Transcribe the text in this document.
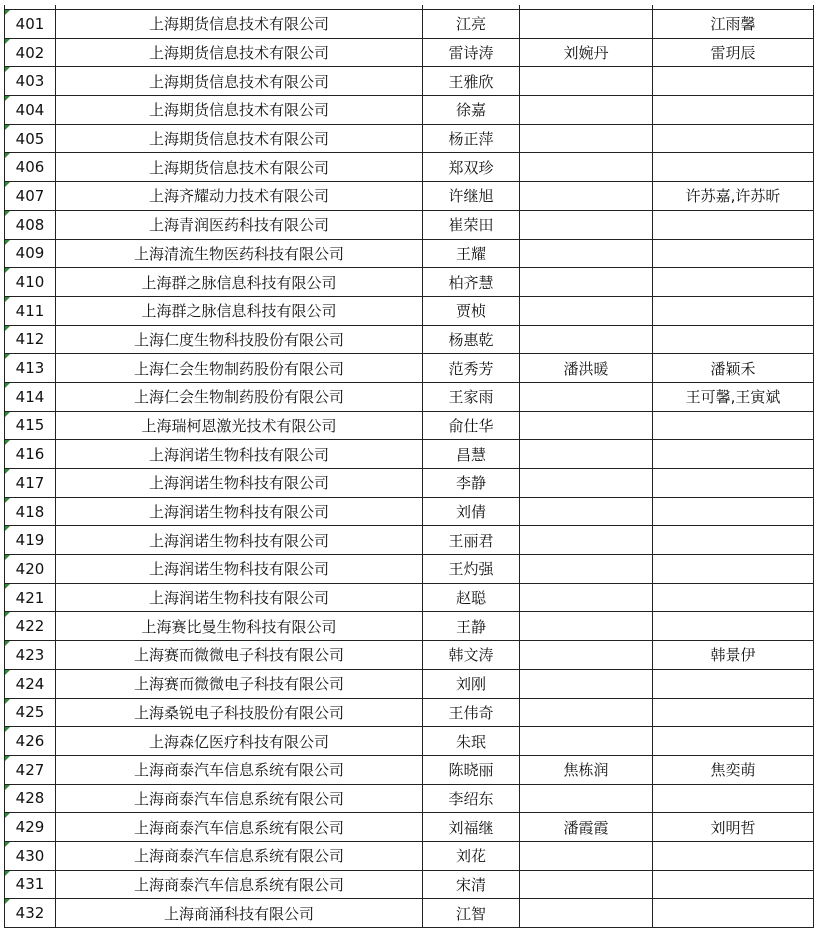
401	上海期货信息技术有限公司	江亮		江雨馨
402	上海期货信息技术有限公司	雷诗涛	刘婉丹	雷玥辰
403	上海期货信息技术有限公司	王雅欣		
404	上海期货信息技术有限公司	徐嘉		
405	上海期货信息技术有限公司	杨正萍		
406	上海期货信息技术有限公司	郑双珍		
407	上海齐耀动力技术有限公司	许继旭		许苏嘉,许苏昕
408	上海青润医药科技有限公司	崔荣田		
409	上海清流生物医药科技有限公司	王耀		
410	上海群之脉信息科技有限公司	柏齐慧		
411	上海群之脉信息科技有限公司	贾桢		
412	上海仁度生物科技股份有限公司	杨惠乾		
413	上海仁会生物制药股份有限公司	范秀芳	潘洪暖	潘颖禾
414	上海仁会生物制药股份有限公司	王家雨		王可馨,王寅斌
415	上海瑞柯恩激光技术有限公司	俞仕华		
416	上海润诺生物科技有限公司	昌慧		
417	上海润诺生物科技有限公司	李静		
418	上海润诺生物科技有限公司	刘倩		
419	上海润诺生物科技有限公司	王丽君		
420	上海润诺生物科技有限公司	王灼强		
421	上海润诺生物科技有限公司	赵聪		
422	上海赛比曼生物科技有限公司	王静		
423	上海赛而微微电子科技有限公司	韩文涛		韩景伊
424	上海赛而微微电子科技有限公司	刘刚		
425	上海桑锐电子科技股份有限公司	王伟奇		
426	上海森亿医疗科技有限公司	朱珉		
427	上海商泰汽车信息系统有限公司	陈晓丽	焦栋润	焦奕萌
428	上海商泰汽车信息系统有限公司	李绍东		
429	上海商泰汽车信息系统有限公司	刘福继	潘霞霞	刘明哲
430	上海商泰汽车信息系统有限公司	刘花		
431	上海商泰汽车信息系统有限公司	宋清		
432	上海商涌科技有限公司	江智		
